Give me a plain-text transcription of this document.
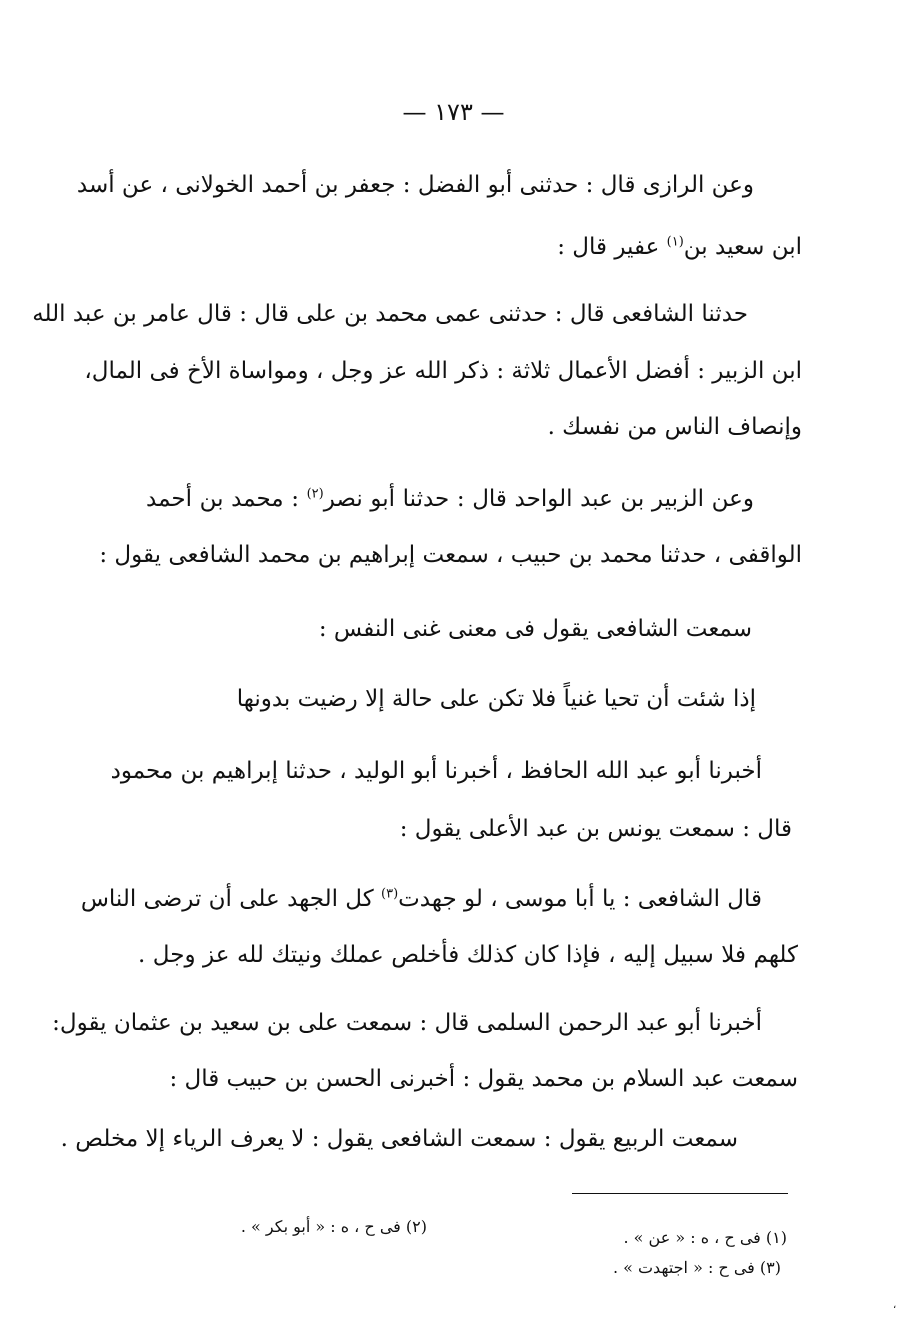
— ١٧٣ —
وعن الرازى قال : حدثنى أبو الفضل : جعفر بن أحمد الخولانى ، عن أسد
ابن سعيد بن$^{(١)}$ عفير قال :
حدثنا الشافعى قال : حدثنى عمى محمد بن على قال : قال عامر بن عبد الله
ابن الزبير : أفضل الأعمال ثلاثة : ذكر الله عز وجل ، ومواساة الأخ فى المال،
وإنصاف الناس من نفسك .
وعن الزبير بن عبد الواحد قال : حدثنا أبو نصر$^{(٢)}$ : محمد بن أحمد
الواقفى ، حدثنا محمد بن حبيب ، سمعت إبراهيم بن محمد الشافعى يقول :
سمعت الشافعى يقول فى معنى غنى النفس :
إذا شئت أن تحيا غنياً فلا تكن على حالة إلا رضيت بدونها
أخبرنا أبو عبد الله الحافظ ، أخبرنا أبو الوليد ، حدثنا إبراهيم بن محمود
قال : سمعت يونس بن عبد الأعلى يقول :
قال الشافعى : يا أبا موسى ، لو جهدت$^{(٣)}$ كل الجهد على أن ترضى الناس
كلهم فلا سبيل إليه ، فإذا كان كذلك فأخلص عملك ونيتك لله عز وجل .
أخبرنا أبو عبد الرحمن السلمى قال : سمعت على بن سعيد بن عثمان يقول:
سمعت عبد السلام بن محمد يقول : أخبرنى الحسن بن حبيب قال :
سمعت الربيع يقول : سمعت الشافعى يقول : لا يعرف الرياء إلا مخلص .
(١) فى ح ، ه : « عن » .
(٢) فى ح ، ه : « أبو بكر » .
(٣) فى ح : « اجتهدت » .
،
